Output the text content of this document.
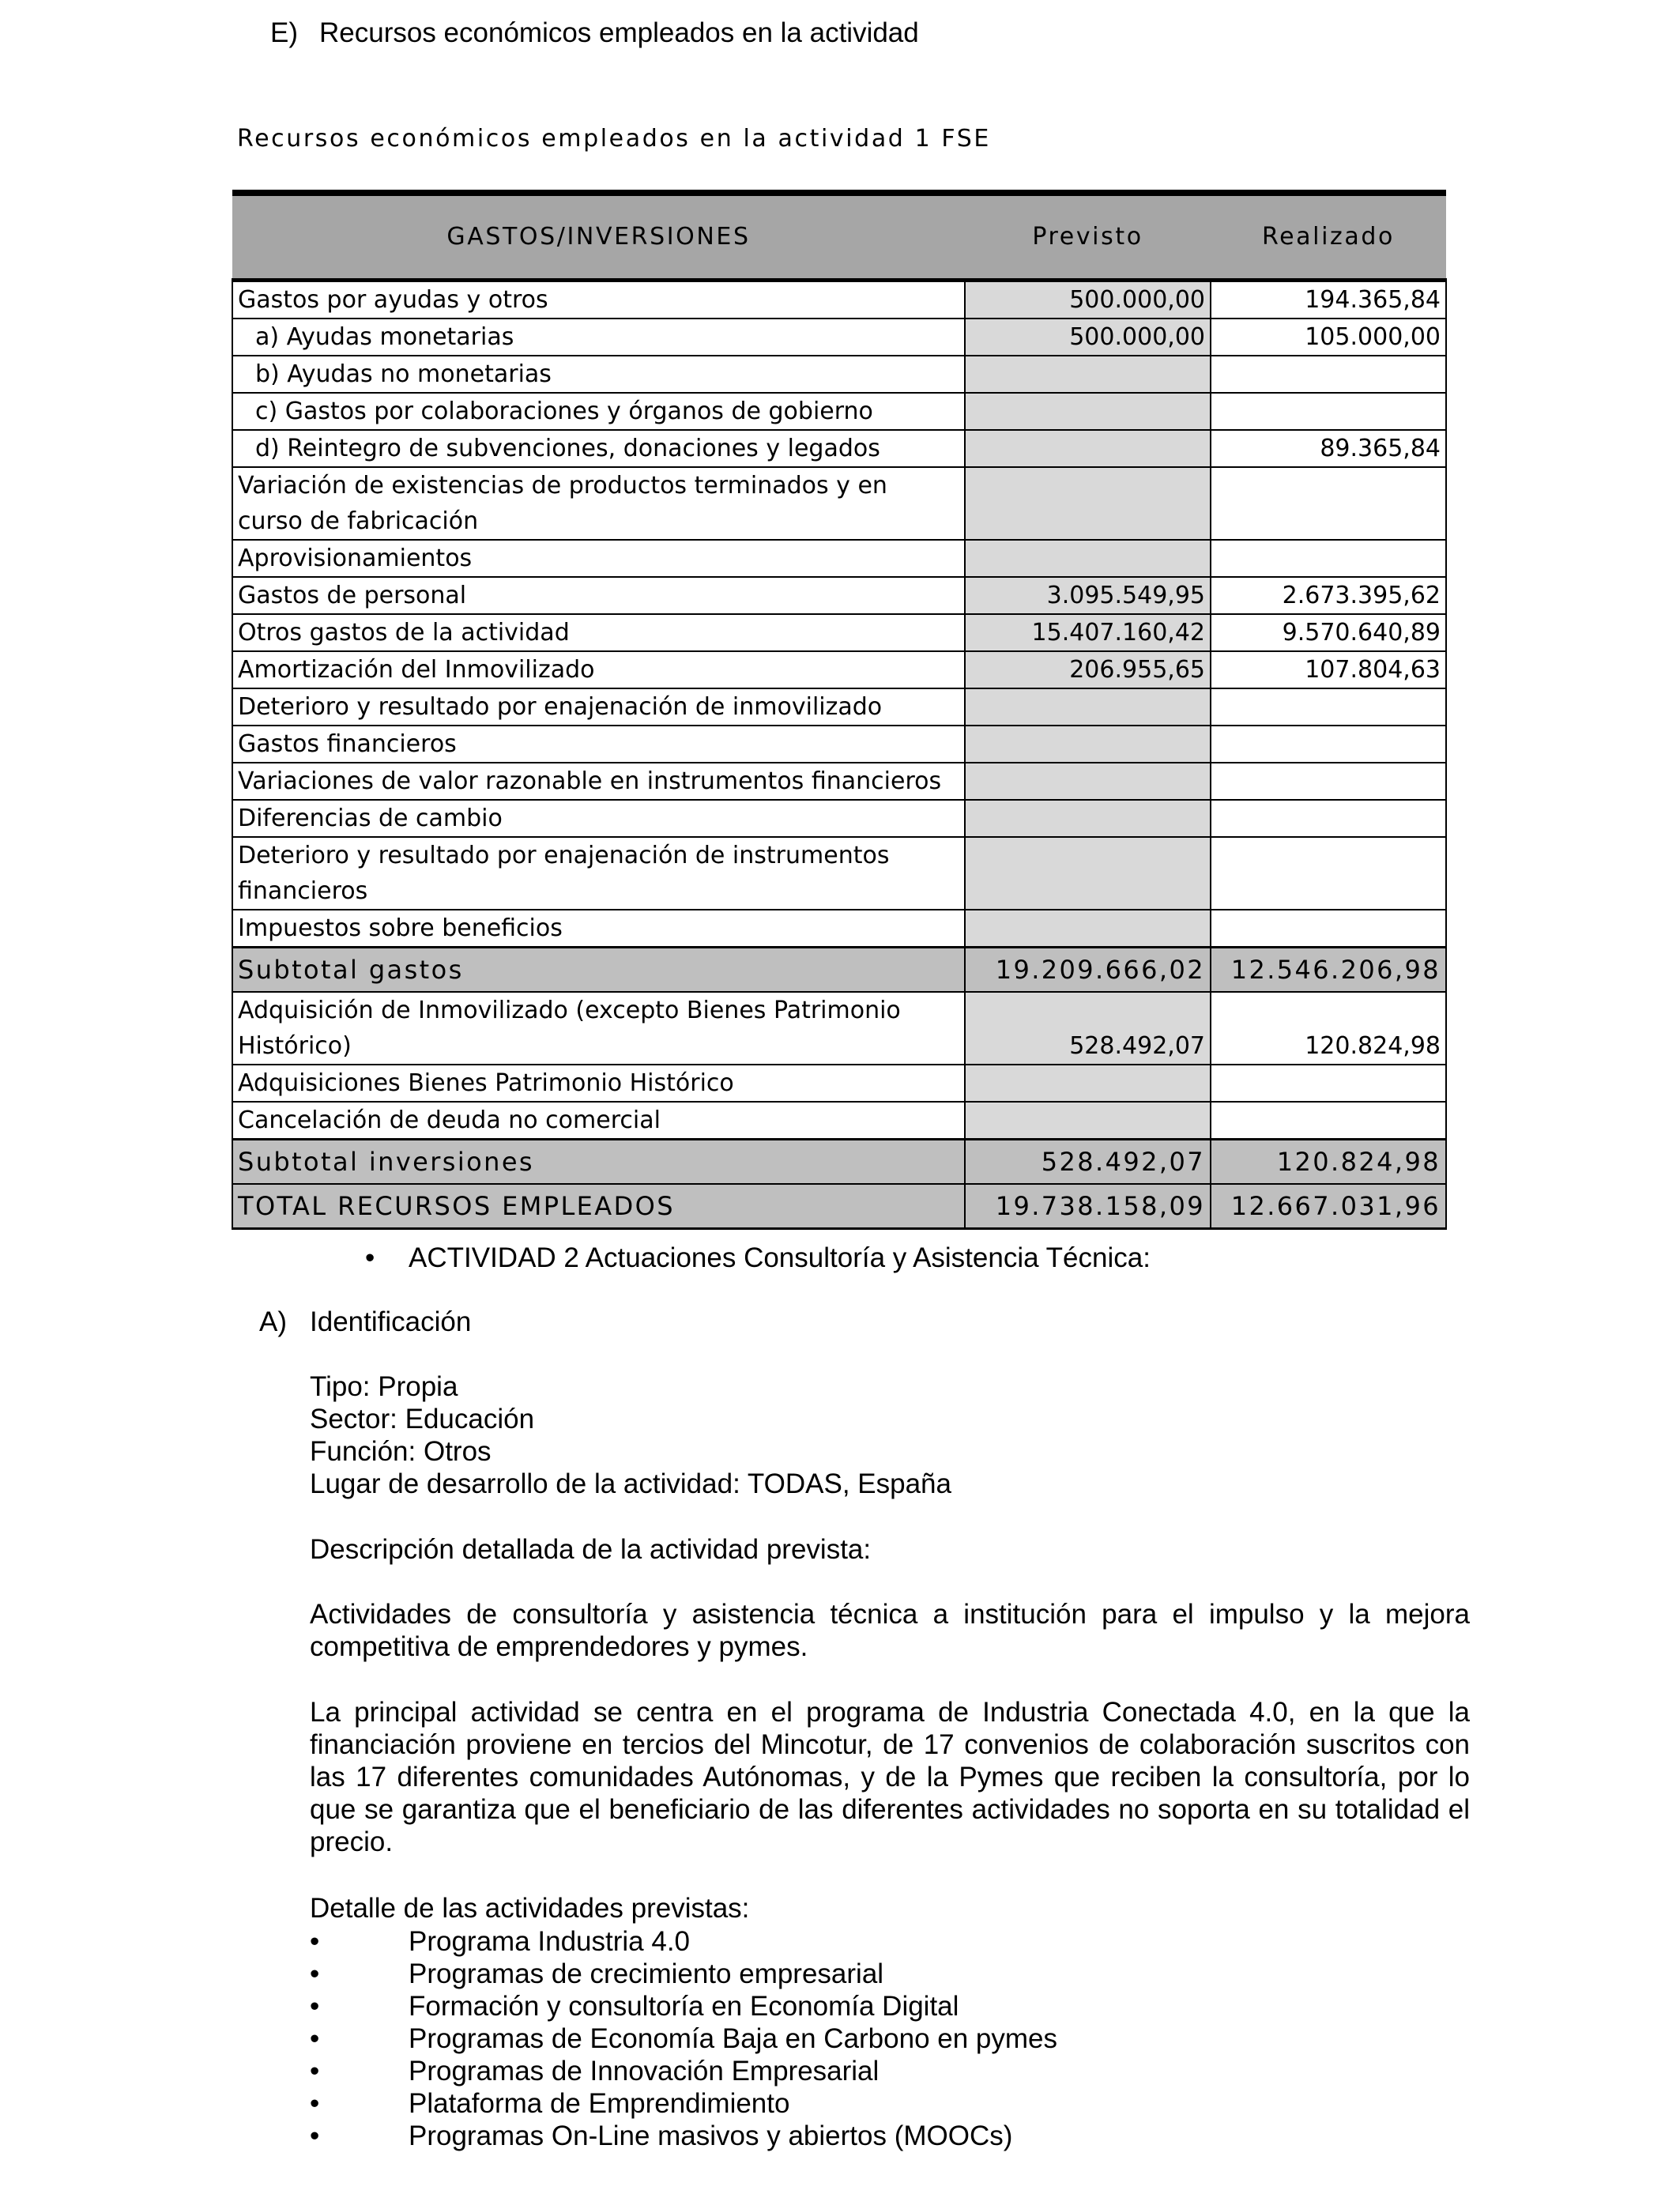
E) Recursos económicos empleados en la actividad
Recursos económicos empleados en la actividad 1 FSE
GASTOS/INVERSIONES	Previsto	Realizado
Gastos por ayudas y otros	500.000,00	194.365,84
a) Ayudas monetarias	500.000,00	105.000,00
b) Ayudas no monetarias		
c) Gastos por colaboraciones y órganos de gobierno		
d) Reintegro de subvenciones, donaciones y legados		89.365,84
Variación de existencias de productos terminados y en curso de fabricación		
Aprovisionamientos		
Gastos de personal	3.095.549,95	2.673.395,62
Otros gastos de la actividad	15.407.160,42	9.570.640,89
Amortización del Inmovilizado	206.955,65	107.804,63
Deterioro y resultado por enajenación de inmovilizado		
Gastos financieros		
Variaciones de valor razonable en instrumentos financieros		
Diferencias de cambio		
Deterioro y resultado por enajenación de instrumentos financieros		
Impuestos sobre beneficios		
Subtotal gastos	19.209.666,02	12.546.206,98
Adquisición de Inmovilizado (excepto Bienes Patrimonio Histórico)	528.492,07	120.824,98
Adquisiciones Bienes Patrimonio Histórico		
Cancelación de deuda no comercial		
Subtotal inversiones	528.492,07	120.824,98
TOTAL RECURSOS EMPLEADOS	19.738.158,09	12.667.031,96
• ACTIVIDAD 2 Actuaciones Consultoría y Asistencia Técnica:
A) Identificación
Tipo: Propia
Sector: Educación
Función: Otros
Lugar de desarrollo de la actividad: TODAS, España
Descripción detallada de la actividad prevista:
Actividades de consultoría y asistencia técnica a institución para el impulso y la mejora
competitiva de emprendedores y pymes.
La principal actividad se centra en el programa de Industria Conectada 4.0, en la que la
financiación proviene en tercios del Mincotur, de 17 convenios de colaboración suscritos con
las 17 diferentes comunidades Autónomas, y de la Pymes que reciben la consultoría, por lo
que se garantiza que el beneficiario de las diferentes actividades no soporta en su totalidad el
precio.
Detalle de las actividades previstas:
•	Programa Industria 4.0
•	Programas de crecimiento empresarial
•	Formación y consultoría en Economía Digital
•	Programas de Economía Baja en Carbono en pymes
•	Programas de Innovación Empresarial
•	Plataforma de Emprendimiento
•	Programas On-Line masivos y abiertos (MOOCs)
